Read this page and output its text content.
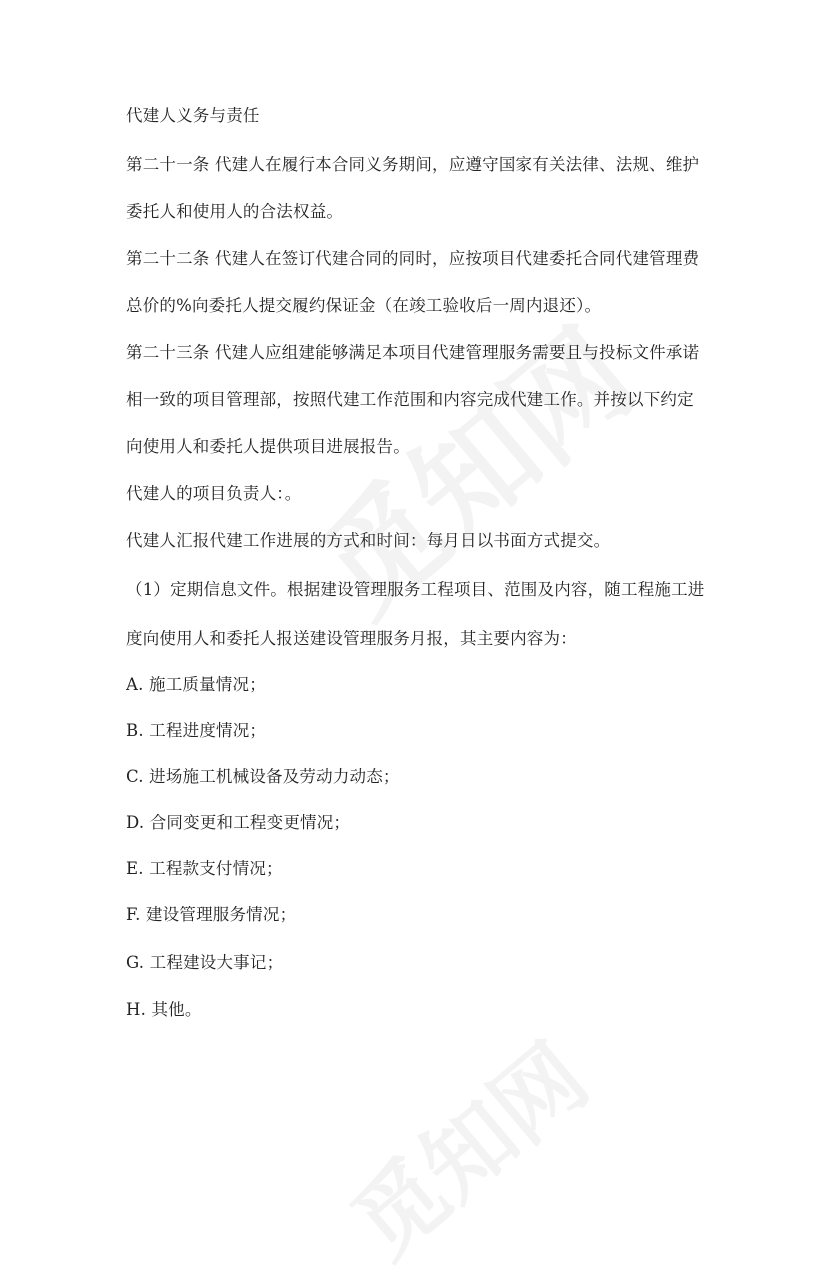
代建人义务与责任
第二十一条 代建人在履行本合同义务期间，应遵守国家有关法律、法规、维护
委托人和使用人的合法权益。
第二十二条 代建人在签订代建合同的同时，应按项目代建委托合同代建管理费
总价的%向委托人提交履约保证金（在竣工验收后一周内退还）。
第二十三条 代建人应组建能够满足本项目代建管理服务需要且与投标文件承诺
相一致的项目管理部，按照代建工作范围和内容完成代建工作。并按以下约定
向使用人和委托人提供项目进展报告。
代建人的项目负责人：。
代建人汇报代建工作进展的方式和时间：每月日以书面方式提交。
（1）定期信息文件。根据建设管理服务工程项目、范围及内容，随工程施工进
度向使用人和委托人报送建设管理服务月报，其主要内容为：
A. 施工质量情况；
B. 工程进度情况；
C. 进场施工机械设备及劳动力动态；
D. 合同变更和工程变更情况；
E. 工程款支付情况；
F. 建设管理服务情况；
G. 工程建设大事记；
H. 其他。
